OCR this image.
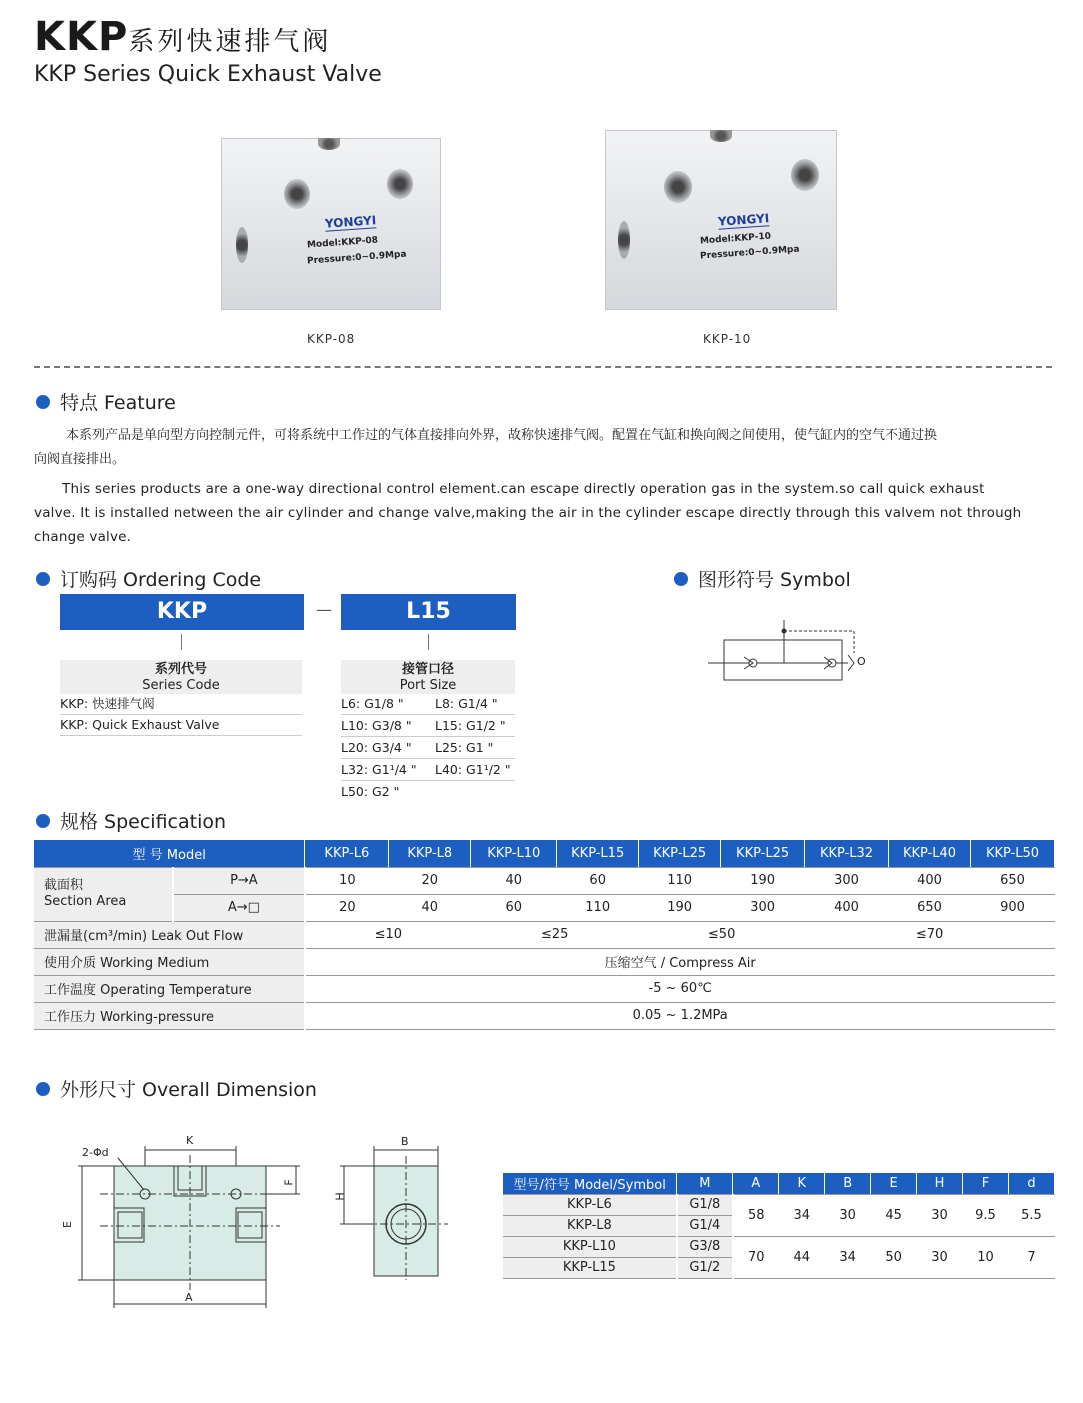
KKP系列快速排气阀
KKP Series Quick Exhaust Valve
YONGYI
Model:KKP-08
Pressure:0~0.9Mpa
KKP-08
YONGYI
Model:KKP-10
Pressure:0~0.9Mpa
KKP-10
特点 Feature
本系列产品是单向型方向控制元件，可将系统中工作过的气体直接排向外界，故称快速排气阀。配置在气缸和换向阀之间使用，使气缸内的空气不通过换
向阀直接排出。
This series products are a one-way directional control element.can escape directly operation gas in the system.so call quick exhaust
valve. It is installed netween the air cylinder and change valve,making the air in the cylinder escape directly through this valvem not through
change valve.
订购码 Ordering Code
KKP	—	L15
系列代号
Series Code
KKP: 快速排气阀
KKP: Quick Exhaust Valve
接管口径
Port Size
L6: G1/8 "	L8: G1/4 "
L10: G3/8 "	L15: G1/2 "
L20: G3/4 "	L25: G1 "
L32: G1¹/4 "	L40: G1¹/2 "
L50: G2 "
图形符号 Symbol
O
规格 Specification
型 号 Model		KKP-L6	KKP-L8	KKP-L10	KKP-L15	KKP-L25	KKP-L25	KKP-L32	KKP-L40	KKP-L50

截面积
Section Area	P→A	10	20	40	60	110	190	300	400	650
	A→□	20	40	60	110	190	300	400	650	900
泄漏量(cm³/min) Leak Out Flow		≤10		≤25		≤50		≤70		
使用介质 Working Medium		压缩空气 / Compress Air								
工作温度 Operating Temperature		-5 ~ 60℃								
工作压力 Working-pressure		0.05 ~ 1.2MPa								
外形尺寸 Overall Dimension
2-Φd
K
A
E
F
B
H
型号/符号 Model/Symbol	M	A	K	B	E	H	F	d
KKP-L6	G1/8	58	34	30	45	30	9.5	5.5
KKP-L8	G1/4							
KKP-L10	G3/8	70	44	34	50	30	10	7
KKP-L15	G1/2							
